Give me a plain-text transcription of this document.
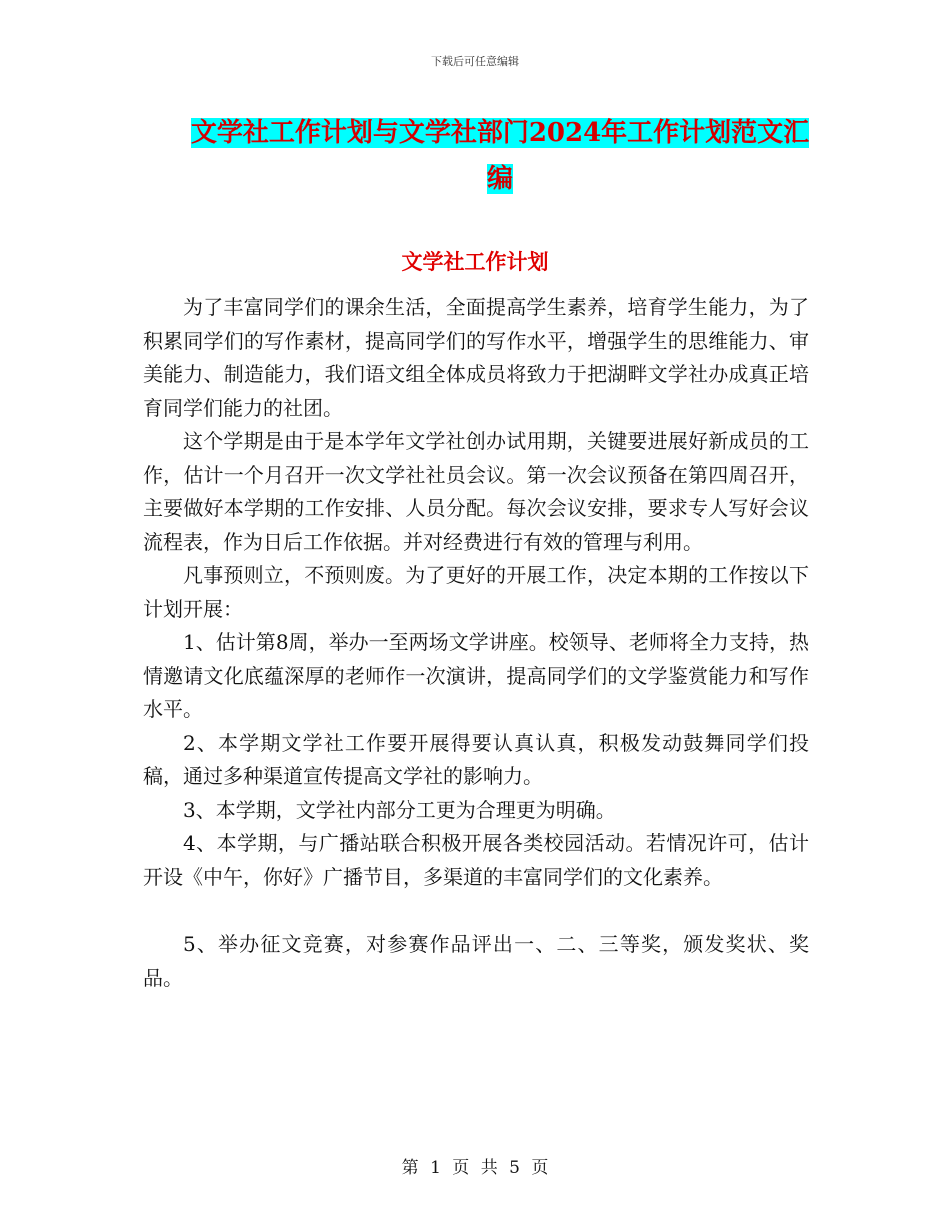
下载后可任意编辑
文学社工作计划与文学社部门2024年工作计划范文汇
编
文学社工作计划

为了丰富同学们的课余生活，全面提高学生素养，培育学生能力，为了积累同学们的写作素材，提高同学们的写作水平，增强学生的思维能力、审美能力、制造能力，我们语文组全体成员将致力于把湖畔文学社办成真正培育同学们能力的社团。

这个学期是由于是本学年文学社创办试用期，关键要进展好新成员的工作，估计一个月召开一次文学社社员会议。第一次会议预备在第四周召开，主要做好本学期的工作安排、人员分配。每次会议安排，要求专人写好会议流程表，作为日后工作依据。并对经费进行有效的管理与利用。

凡事预则立，不预则废。为了更好的开展工作，决定本期的工作按以下计划开展：

1、估计第8周，举办一至两场文学讲座。校领导、老师将全力支持，热情邀请文化底蕴深厚的老师作一次演讲，提高同学们的文学鉴赏能力和写作水平。

2、本学期文学社工作要开展得要认真认真，积极发动鼓舞同学们投稿，通过多种渠道宣传提高文学社的影响力。

3、本学期，文学社内部分工更为合理更为明确。

4、本学期，与广播站联合积极开展各类校园活动。若情况许可，估计开设《中午，你好》广播节目，多渠道的丰富同学们的文化素养。

5、举办征文竞赛，对参赛作品评出一、二、三等奖，颁发奖状、奖品。

第 1 页 共 5 页
